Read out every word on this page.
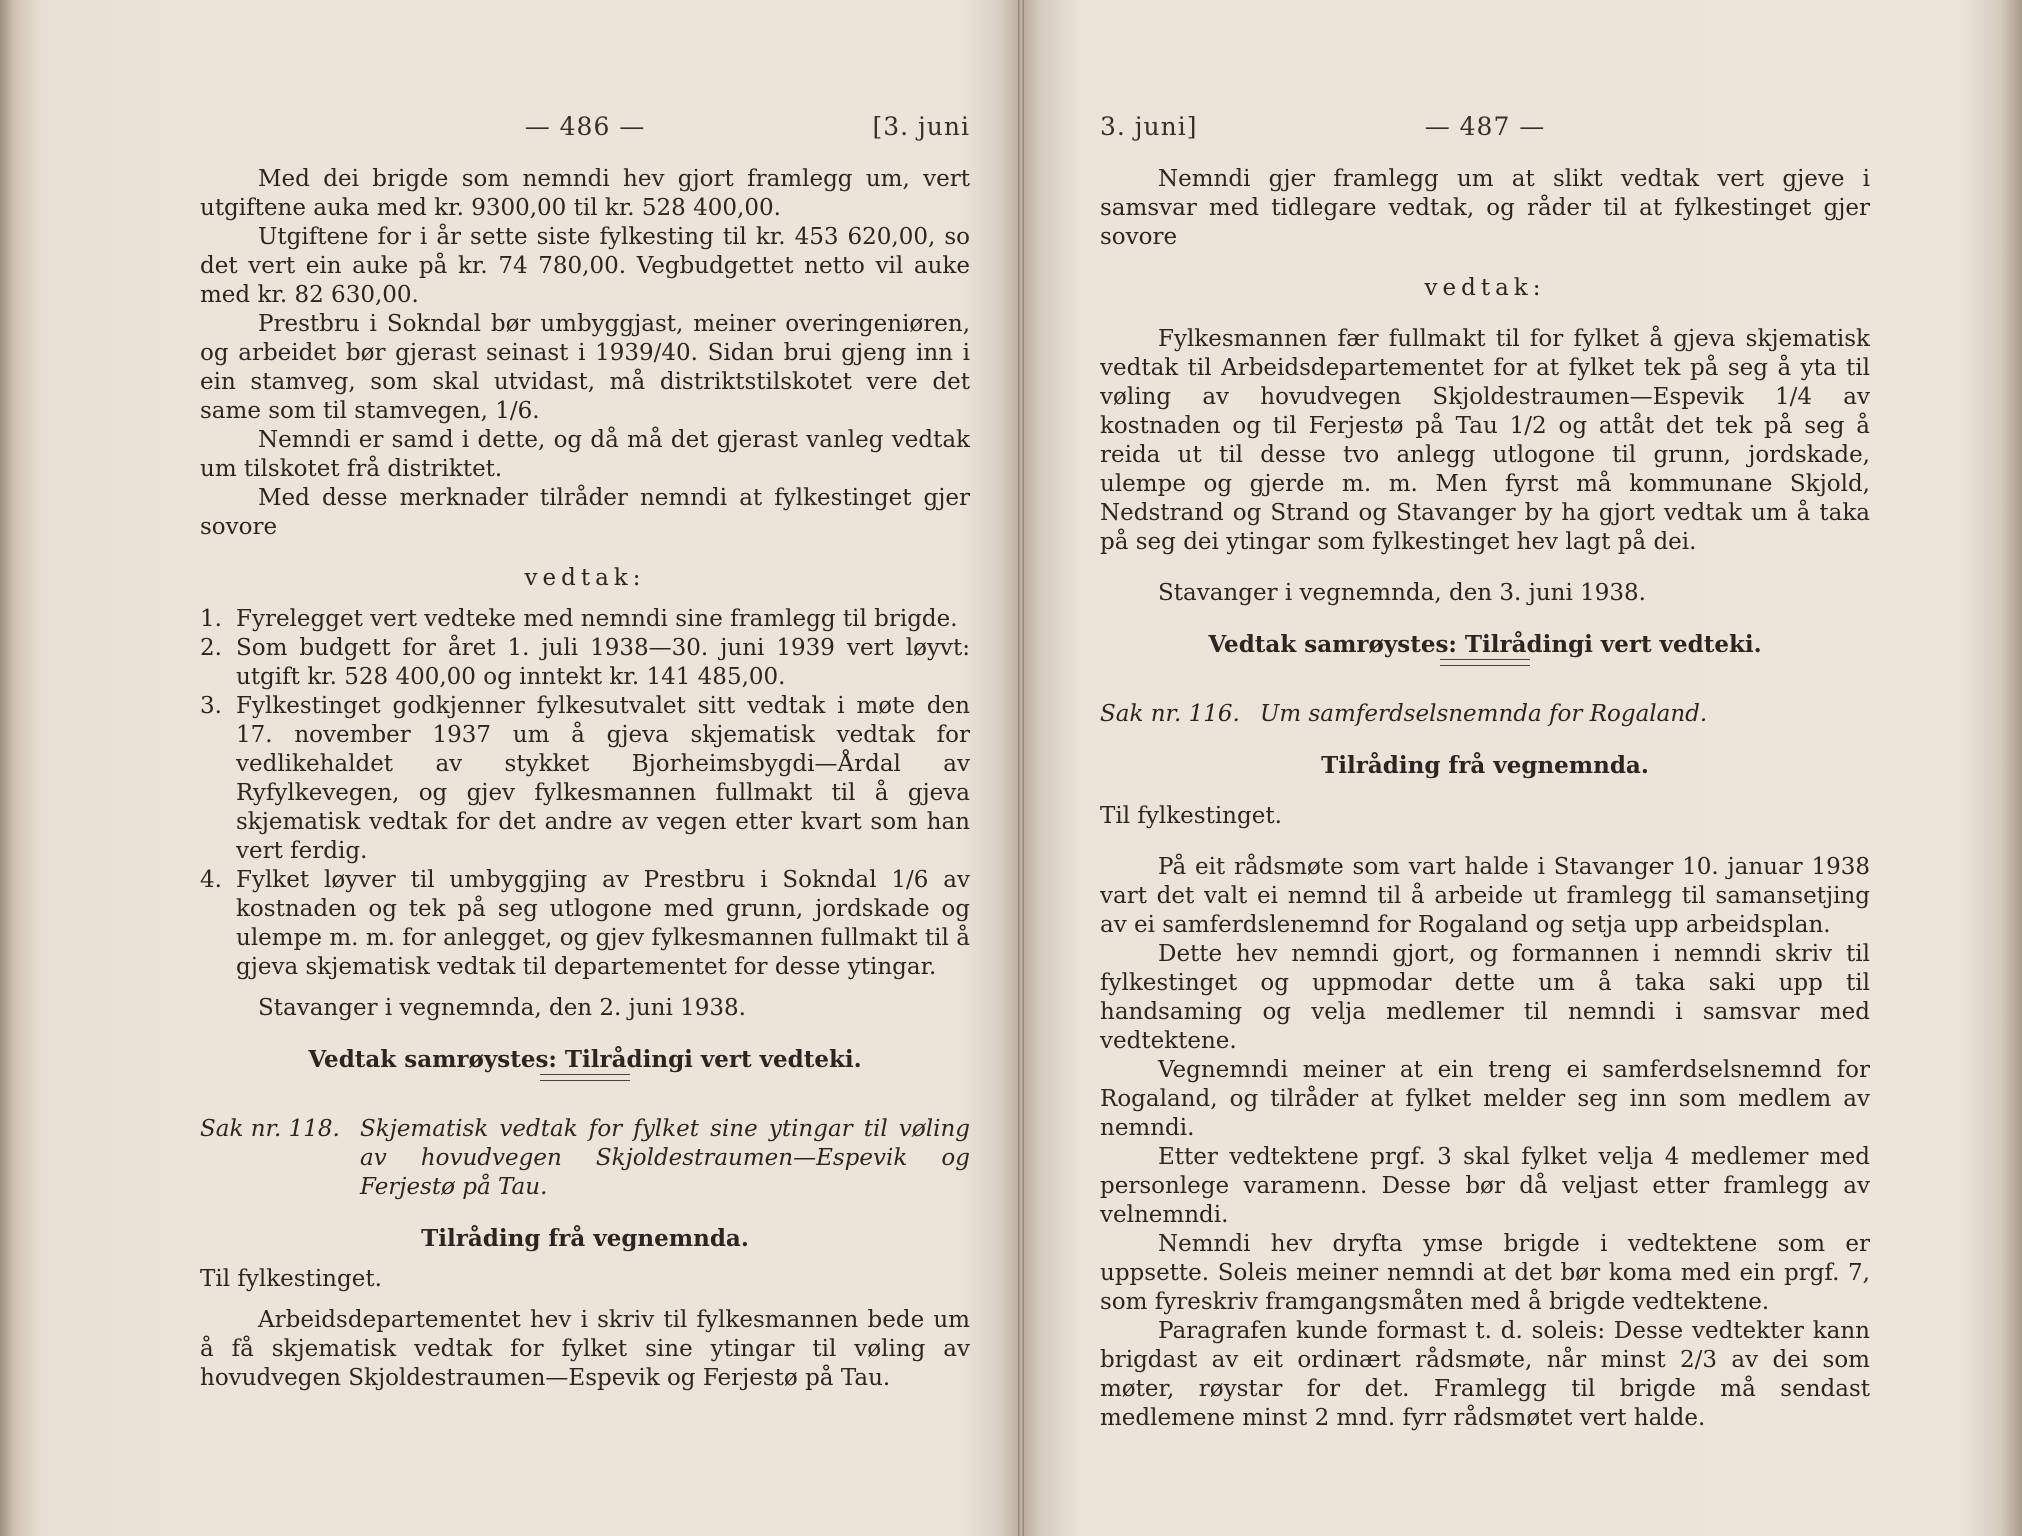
— 486 —	[3. juni

Med dei brigde som nemndi hev gjort framlegg um, vert utgiftene auka med kr. 9300,00 til kr. 528 400,00.

Utgiftene for i år sette siste fylkesting til kr. 453 620,00, so det vert ein auke på kr. 74 780,00. Vegbudgettet netto vil auke med kr. 82 630,00.

Prestbru i Sokndal bør umbyggjast, meiner overingeniøren, og arbeidet bør gjerast seinast i 1939/40. Sidan brui gjeng inn i ein stamveg, som skal utvidast, må distriktstilskotet vere det same som til stamvegen, 1/6.

Nemndi er samd i dette, og då må det gjerast vanleg vedtak um tilskotet frå distriktet.

Med desse merknader tilråder nemndi at fylkestinget gjer sovore

vedtak:

1. Fyrelegget vert vedteke med nemndi sine framlegg til brigde.

2. Som budgett for året 1. juli 1938—30. juni 1939 vert løyvt: utgift kr. 528 400,00 og inntekt kr. 141 485,00.

3. Fylkestinget godkjenner fylkesutvalet sitt vedtak i møte den 17. november 1937 um å gjeva skjematisk vedtak for vedlikehaldet av stykket Bjorheimsbygdi—Årdal av Ryfylkevegen, og gjev fylkesmannen fullmakt til å gjeva skjematisk vedtak for det andre av vegen etter kvart som han vert ferdig.

4. Fylket løyver til umbyggjing av Prestbru i Sokndal 1/6 av kostnaden og tek på seg utlogone med grunn, jordskade og ulempe m. m. for anlegget, og gjev fylkesmannen fullmakt til å gjeva skjematisk vedtak til departementet for desse ytingar.

Stavanger i vegnemnda, den 2. juni 1938.

Vedtak samrøystes: Tilrådingi vert vedteki.

Sak nr. 118. Skjematisk vedtak for fylket sine ytingar til vøling av hovudvegen Skjoldestraumen—Espevik og Ferjestø på Tau.

Tilråding frå vegnemnda.

Til fylkestinget.

Arbeidsdepartementet hev i skriv til fylkesmannen bede um å få skjematisk vedtak for fylket sine ytingar til vøling av hovudvegen Skjoldestraumen—Espevik og Ferjestø på Tau.

3. juni]	— 487 —

Nemndi gjer framlegg um at slikt vedtak vert gjeve i samsvar med tidlegare vedtak, og råder til at fylkestinget gjer sovore

vedtak:

Fylkesmannen fær fullmakt til for fylket å gjeva skjematisk vedtak til Arbeidsdepartementet for at fylket tek på seg å yta til vøling av hovudvegen Skjoldestraumen—Espevik 1/4 av kostnaden og til Ferjestø på Tau 1/2 og attåt det tek på seg å reida ut til desse tvo anlegg utlogone til grunn, jordskade, ulempe og gjerde m. m. Men fyrst må kommunane Skjold, Nedstrand og Strand og Stavanger by ha gjort vedtak um å taka på seg dei ytingar som fylkestinget hev lagt på dei.

Stavanger i vegnemnda, den 3. juni 1938.

Vedtak samrøystes: Tilrådingi vert vedteki.

Sak nr. 116. Um samferdselsnemnda for Rogaland.

Tilråding frå vegnemnda.

Til fylkestinget.

På eit rådsmøte som vart halde i Stavanger 10. januar 1938 vart det valt ei nemnd til å arbeide ut framlegg til samansetjing av ei samferdslenemnd for Rogaland og setja upp arbeidsplan.

Dette hev nemndi gjort, og formannen i nemndi skriv til fylkestinget og uppmodar dette um å taka saki upp til handsaming og velja medlemer til nemndi i samsvar med vedtektene.

Vegnemndi meiner at ein treng ei samferdselsnemnd for Rogaland, og tilråder at fylket melder seg inn som medlem av nemndi.

Etter vedtektene prgf. 3 skal fylket velja 4 medlemer med personlege varamenn. Desse bør då veljast etter framlegg av velnemndi.

Nemndi hev dryfta ymse brigde i vedtektene som er uppsette. Soleis meiner nemndi at det bør koma med ein prgf. 7, som fyreskriv framgangsmåten med å brigde vedtektene.

Paragrafen kunde formast t. d. soleis: Desse vedtekter kann brigdast av eit ordinært rådsmøte, når minst 2/3 av dei som møter, røystar for det. Framlegg til brigde må sendast medlemene minst 2 mnd. fyrr rådsmøtet vert halde.
